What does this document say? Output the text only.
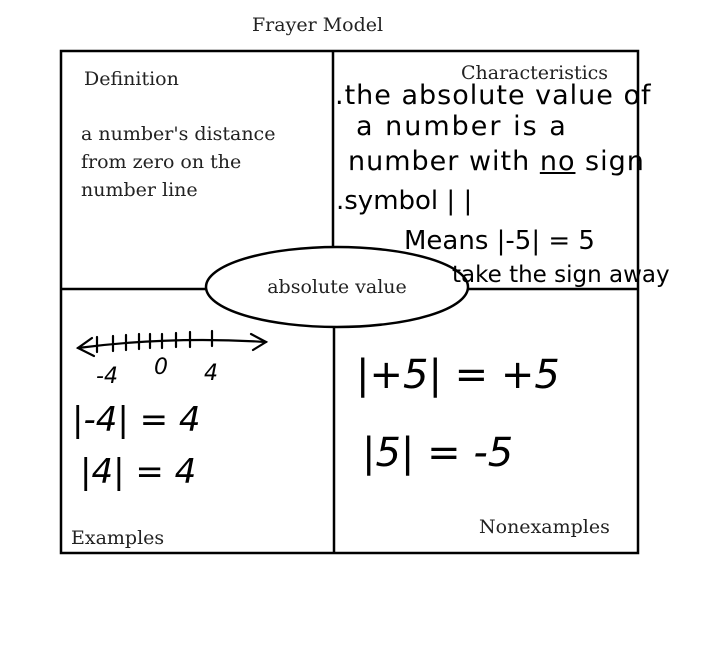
Frayer Model
-4 0 4
Definition
a number's distance
from zero on the
number line
Characteristics
.the absolute value of
a number is a
number with no sign
.symbol | |
Means |-5| = 5
take the sign away
absolute value
Examples
|-4| = 4
|4| = 4
Nonexamples
|+5| = +5
|5| = -5
